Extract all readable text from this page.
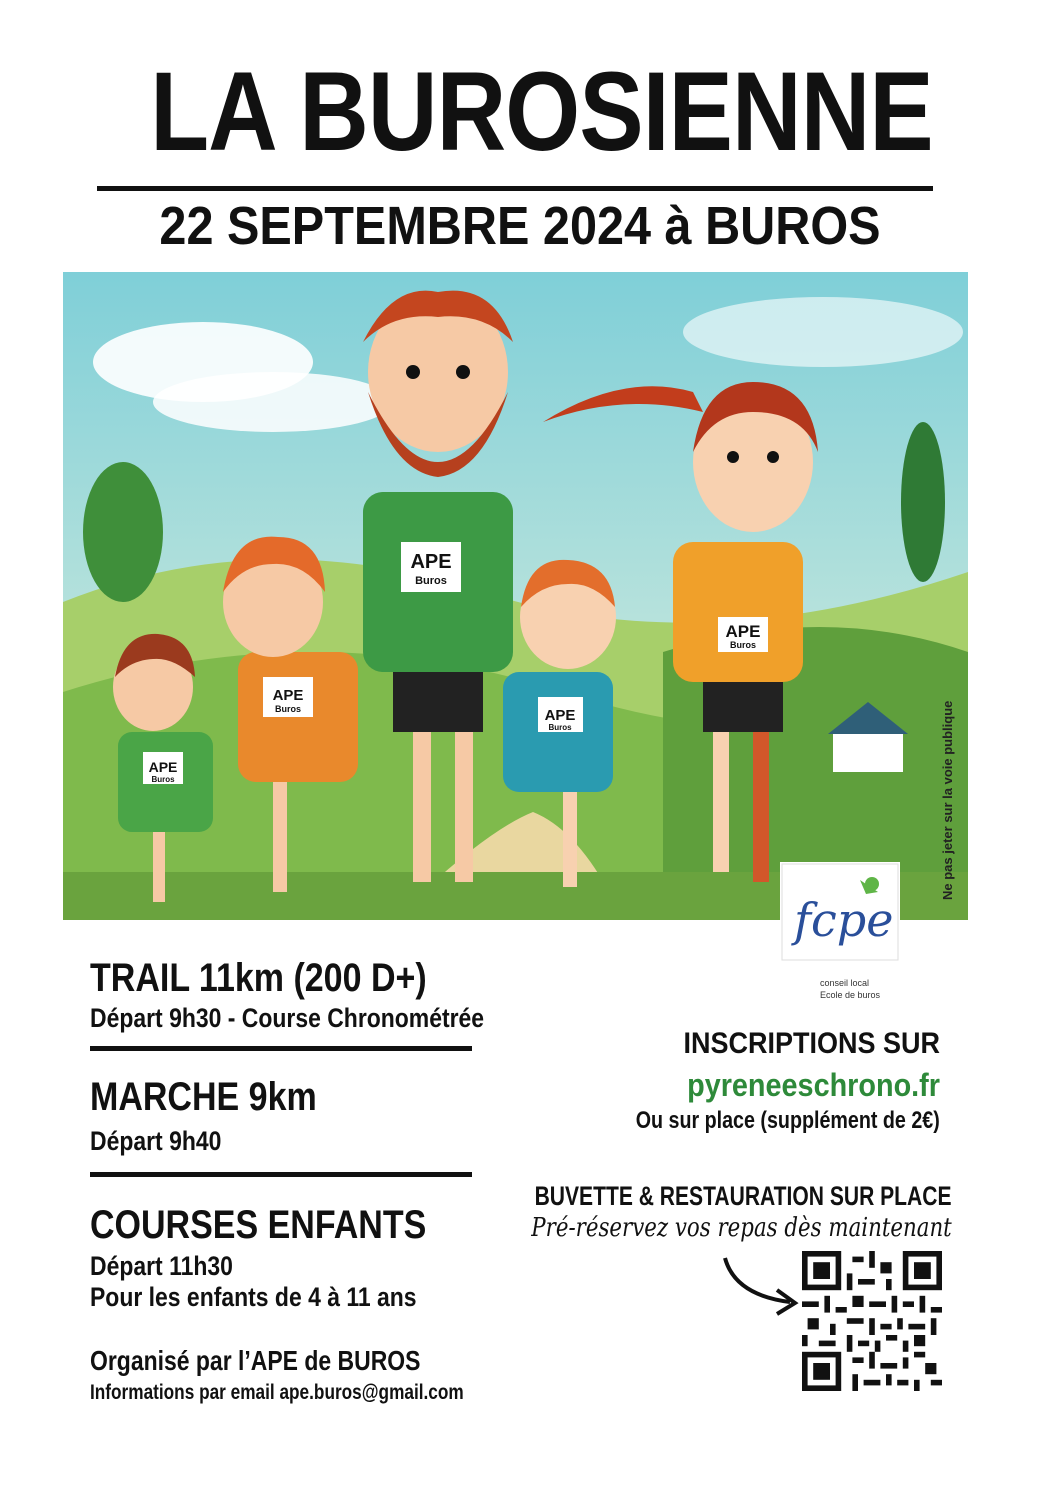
LA BUROSIENNE
22 SEPTEMBRE 2024 à BUROS
APE
Buros
APE
Buros
APE
Buros
APE
Buros
APE
Buros	Ne pas jeter sur la voie publique
fcpe
conseil local
Ecole de buros
TRAIL 11km (200 D+)
Départ 9h30 - Course Chronométrée
MARCHE 9km
Départ 9h40
COURSES ENFANTS
Départ 11h30
Pour les enfants de 4 à 11 ans
INSCRIPTIONS SUR
pyreneeschrono.fr
Ou sur place (supplément de 2€)
BUVETTE & RESTAURATION SUR PLACE
Pré-réservez vos repas dès maintenant
Organisé par l’APE de BUROS
Informations par email ape.buros@gmail.com
